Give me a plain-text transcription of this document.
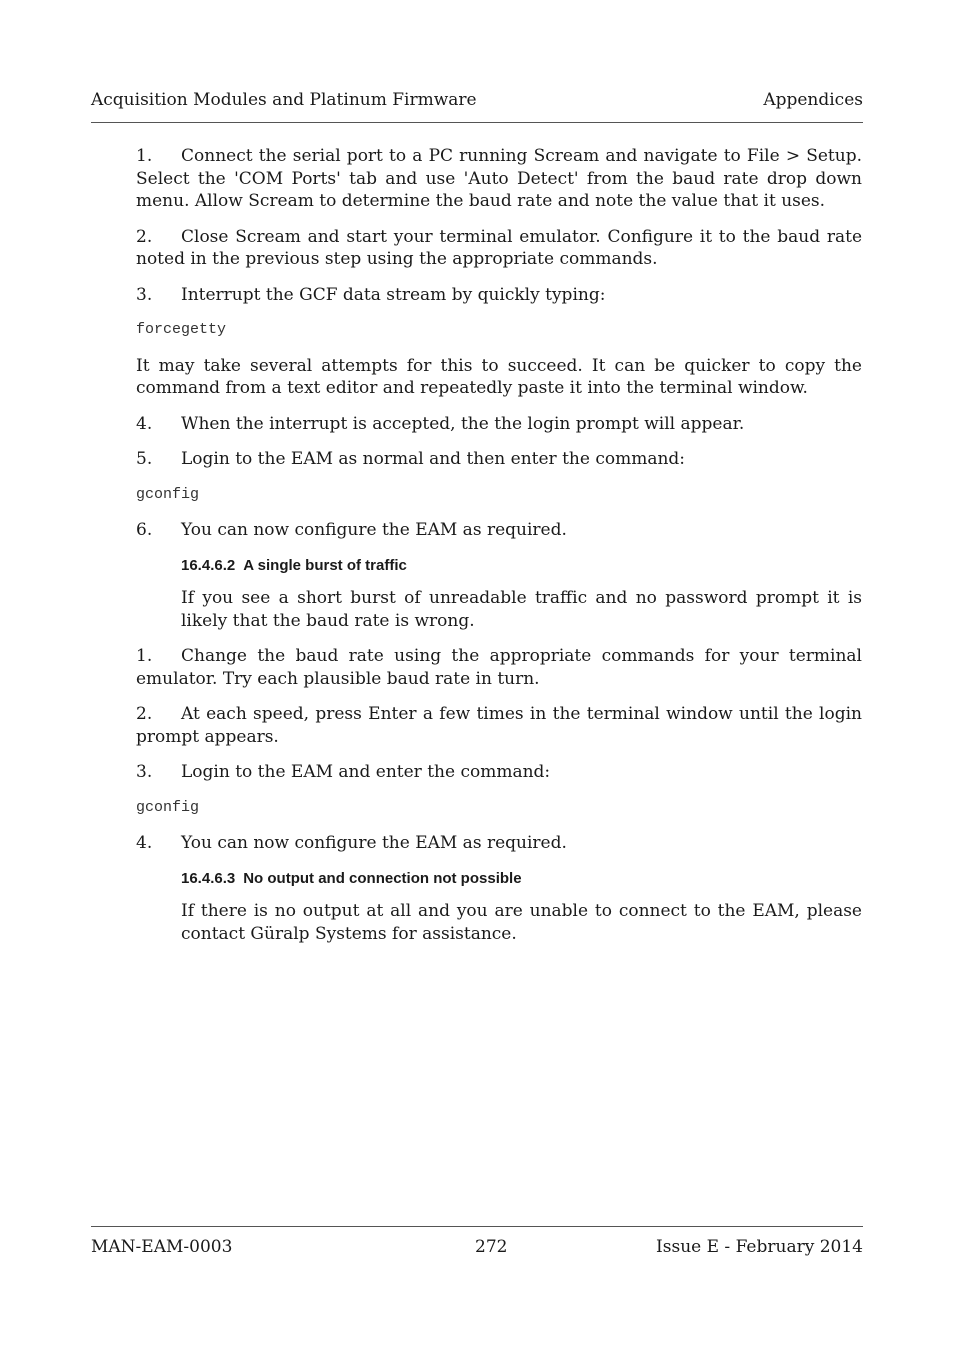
Acquisition Modules and Platinum Firmware	Appendices

1. Connect the serial port to a PC running Scream and navigate to File > Setup. Select the 'COM Ports' tab and use 'Auto Detect' from the baud rate drop down menu. Allow Scream to determine the baud rate and note the value that it uses.

2. Close Scream and start your terminal emulator. Configure it to the baud rate noted in the previous step using the appropriate commands.

3. Interrupt the GCF data stream by quickly typing:

forcegetty

It may take several attempts for this to succeed. It can be quicker to copy the command from a text editor and repeatedly paste it into the terminal window.

4. When the interrupt is accepted, the the login prompt will appear.

5. Login to the EAM as normal and then enter the command:

gconfig

6. You can now configure the EAM as required.

16.4.6.2 A single burst of traffic

If you see a short burst of unreadable traffic and no password prompt it is likely that the baud rate is wrong.

1. Change the baud rate using the appropriate commands for your terminal emulator. Try each plausible baud rate in turn.

2. At each speed, press Enter a few times in the terminal window until the login prompt appears.

3. Login to the EAM and enter the command:

gconfig

4. You can now configure the EAM as required.

16.4.6.3 No output and connection not possible

If there is no output at all and you are unable to connect to the EAM, please contact Güralp Systems for assistance.

MAN-EAM-0003	272	Issue E - February 2014
